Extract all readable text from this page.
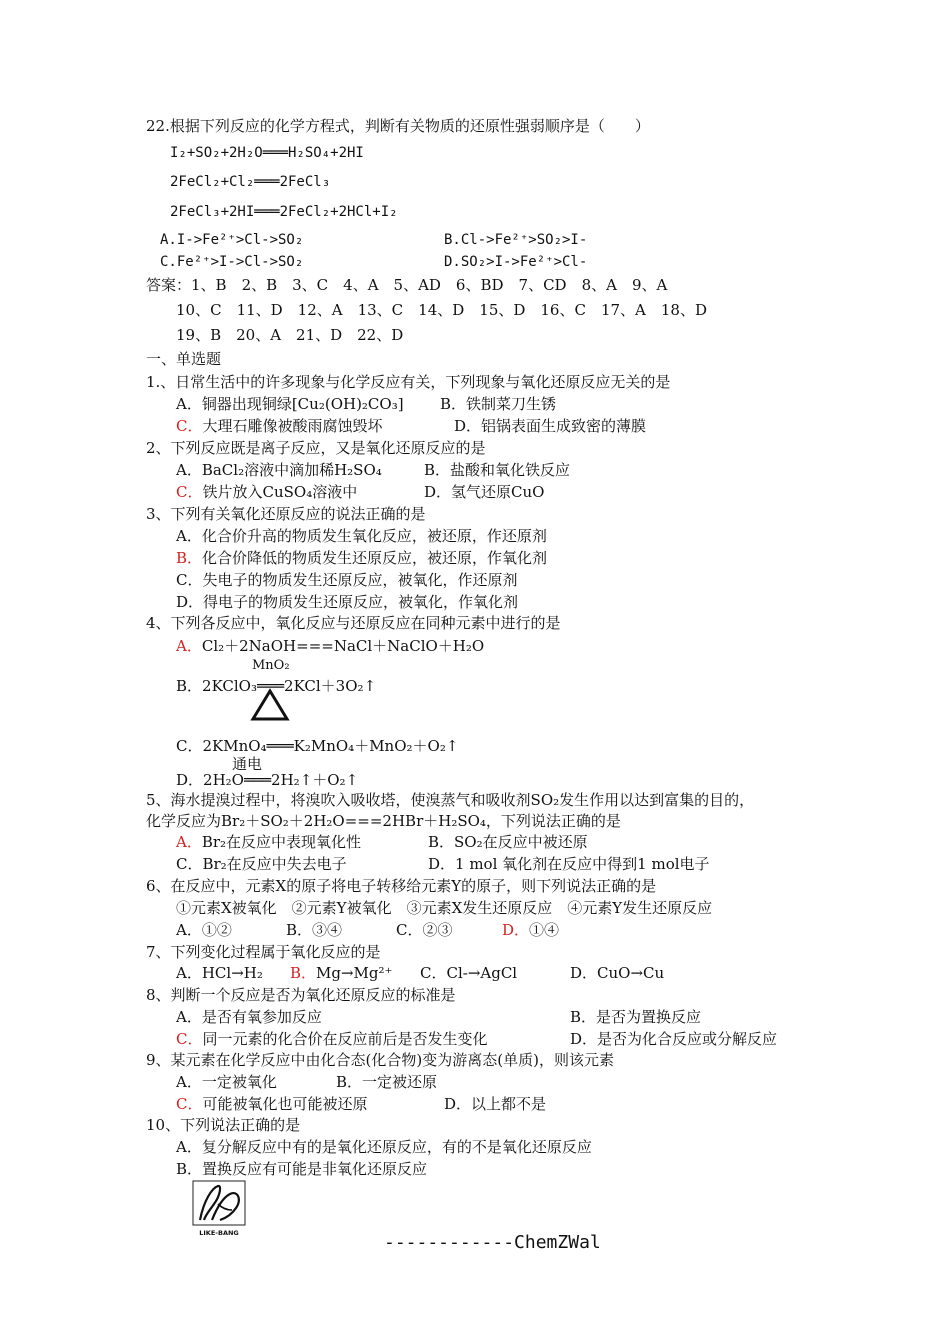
22.根据下列反应的化学方程式，判断有关物质的还原性强弱顺序是（　　）
I₂+SO₂+2H₂O═══H₂SO₄+2HI
2FeCl₂+Cl₂═══2FeCl₃
2FeCl₃+2HI═══2FeCl₂+2HCl+I₂
A.I->Fe²⁺>Cl->SO₂	B.Cl->Fe²⁺>SO₂>I-
C.Fe²⁺>I->Cl->SO₂	D.SO₂>I->Fe²⁺>Cl-
答案：1、B　2、B　3、C　4、A　5、AD　6、BD　7、CD　8、A　9、A
10、C　11、D　12、A　13、C　14、D　15、D　16、C　17、A　18、D
19、B　20、A　21、D　22、D
一、单选题
1.、日常生活中的许多现象与化学反应有关，下列现象与氧化还原反应无关的是
A．铜器出现铜绿[Cu₂(OH)₂CO₃] B．铁制菜刀生锈
C．大理石雕像被酸雨腐蚀毁坏	D．铝锅表面生成致密的薄膜
2、下列反应既是离子反应，又是氧化还原反应的是
A．BaCl₂溶液中滴加稀H₂SO₄	B．盐酸和氧化铁反应
C．铁片放入CuSO₄溶液中	D．氢气还原CuO
3、下列有关氧化还原反应的说法正确的是
A．化合价升高的物质发生氧化反应，被还原，作还原剂
B．化合价降低的物质发生还原反应，被还原，作氧化剂
C．失电子的物质发生还原反应，被氧化，作还原剂
D．得电子的物质发生还原反应，被氧化，作氧化剂
4、下列各反应中，氧化反应与还原反应在同种元素中进行的是
A．Cl₂＋2NaOH===NaCl＋NaClO＋H₂O
MnO₂
B．2KClO₃═══2KCl＋3O₂↑
C．2KMnO₄═══K₂MnO₄＋MnO₂＋O₂↑
通电
D．2H₂O═══2H₂↑＋O₂↑
5、海水提溴过程中，将溴吹入吸收塔，使溴蒸气和吸收剂SO₂发生作用以达到富集的目的，
化学反应为Br₂＋SO₂＋2H₂O===2HBr＋H₂SO₄，下列说法正确的是
A．Br₂在反应中表现氧化性	B．SO₂在反应中被还原
C．Br₂在反应中失去电子	D．1 mol 氧化剂在反应中得到1 mol电子
6、在反应中，元素X的原子将电子转移给元素Y的原子，则下列说法正确的是
①元素X被氧化　②元素Y被氧化　③元素X发生还原反应　④元素Y发生还原反应
A．①②	B．③④	C．②③	D．①④
7、下列变化过程属于氧化反应的是
A．HCl→H₂ B．Mg→Mg²⁺ C．Cl-→AgCl	D．CuO→Cu
8、判断一个反应是否为氧化还原反应的标准是
A．是否有氧参加反应	B．是否为置换反应
C．同一元素的化合价在反应前后是否发生变化	D．是否为化合反应或分解反应
9、某元素在化学反应中由化合态(化合物)变为游离态(单质)，则该元素
A．一定被氧化	B．一定被还原
C．可能被氧化也可能被还原	D．以上都不是
10、下列说法正确的是
A．复分解反应中有的是氧化还原反应，有的不是氧化还原反应
B．置换反应有可能是非氧化还原反应
LIKE-BANG	------------ChemZWal
